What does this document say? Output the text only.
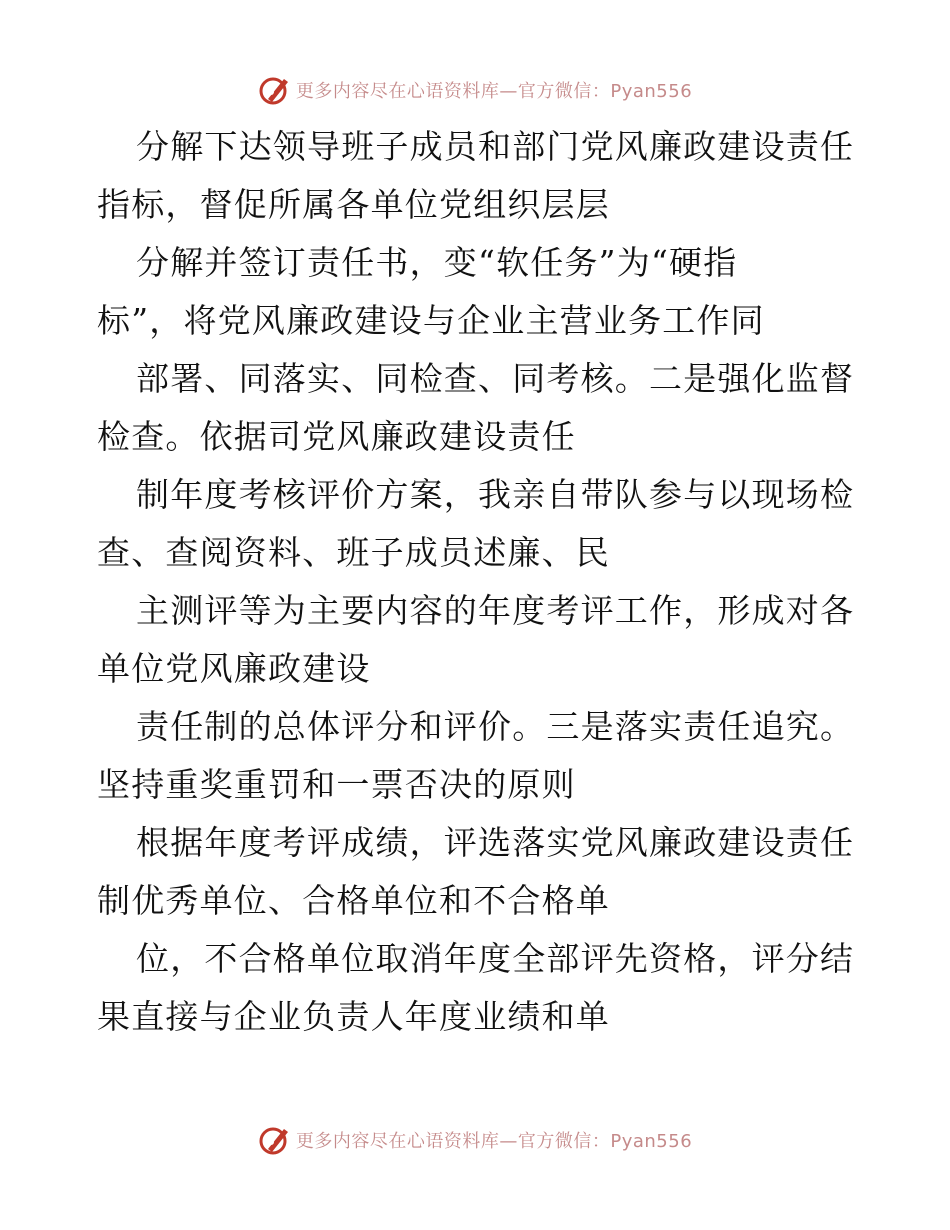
更多内容尽在心语资料库—官方微信：Pyan556

分解下达领导班子成员和部门党风廉政建设责任
指标，督促所属各单位党组织层层

分解并签订责任书，变“软任务”为“硬指
标”，将党风廉政建设与企业主营业务工作同

部署、同落实、同检查、同考核。二是强化监督
检查。依据司党风廉政建设责任

制年度考核评价方案，我亲自带队参与以现场检
查、查阅资料、班子成员述廉、民

主测评等为主要内容的年度考评工作，形成对各
单位党风廉政建设

责任制的总体评分和评价。三是落实责任追究。
坚持重奖重罚和一票否决的原则

根据年度考评成绩，评选落实党风廉政建设责任
制优秀单位、合格单位和不合格单

位，不合格单位取消年度全部评先资格，评分结
果直接与企业负责人年度业绩和单

更多内容尽在心语资料库—官方微信：Pyan556
